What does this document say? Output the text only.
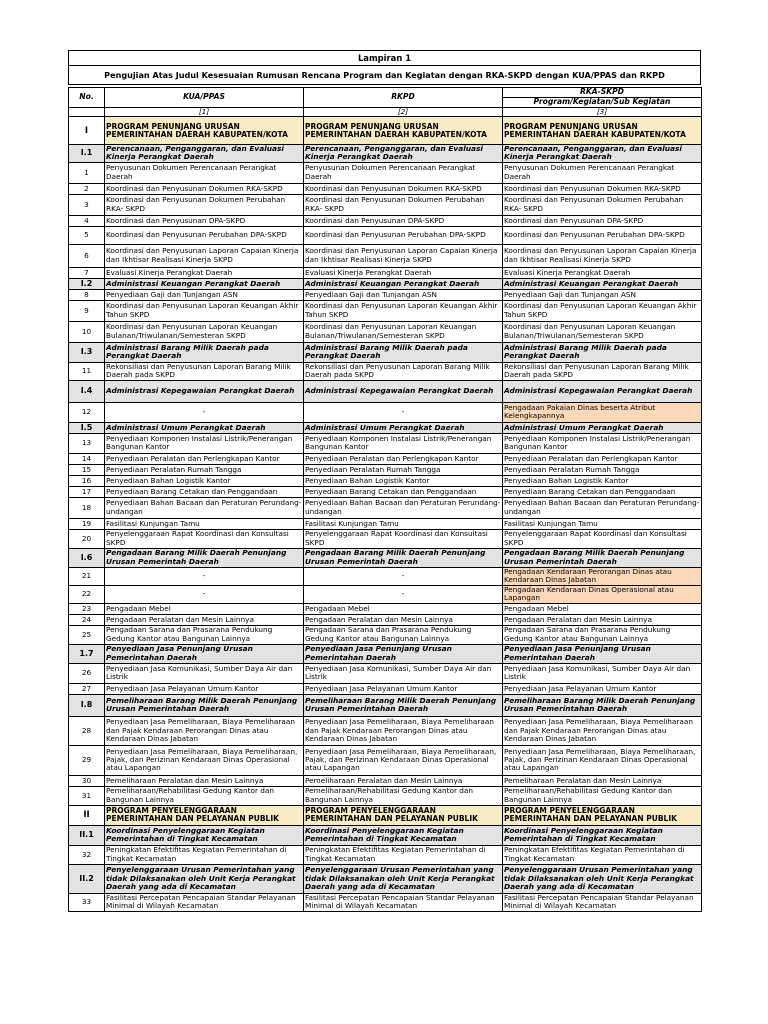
Lampiran 1
Pengujian Atas Judul Kesesuaian Rumusan Rencana Program dan Kegiatan dengan RKA-SKPD dengan KUA/PPAS dan RKPD
No.	KUA/PPAS	RKPD	RKA-SKPD
			Program/Kegiatan/Sub Kegiatan
	[1]	[2]	[3]
I	PROGRAM PENUNJANG URUSAN PEMERINTAHAN DAERAH KABUPATEN/KOTA	PROGRAM PENUNJANG URUSAN PEMERINTAHAN DAERAH KABUPATEN/KOTA	PROGRAM PENUNJANG URUSAN PEMERINTAHAN DAERAH KABUPATEN/KOTA
I.1	Perencanaan, Penganggaran, dan Evaluasi Kinerja Perangkat Daerah	Perencanaan, Penganggaran, dan Evaluasi Kinerja Perangkat Daerah	Perencanaan, Penganggaran, dan Evaluasi Kinerja Perangkat Daerah
1	Penyusunan Dokumen Perencanaan Perangkat Daerah	Penyusunan Dokumen Perencanaan Perangkat Daerah	Penyusunan Dokumen Perencanaan Perangkat Daerah
2	Koordinasi dan Penyusunan Dokumen RKA-SKPD	Koordinasi dan Penyusunan Dokumen RKA-SKPD	Koordinasi dan Penyusunan Dokumen RKA-SKPD
3	Koordinasi dan Penyusunan Dokumen Perubahan RKA- SKPD	Koordinasi dan Penyusunan Dokumen Perubahan RKA- SKPD	Koordinasi dan Penyusunan Dokumen Perubahan RKA- SKPD
4	Koordinasi dan Penyusunan DPA-SKPD	Koordinasi dan Penyusunan DPA-SKPD	Koordinasi dan Penyusunan DPA-SKPD
5	Koordinasi dan Penyusunan Perubahan DPA-SKPD	Koordinasi dan Penyusunan Perubahan DPA-SKPD	Koordinasi dan Penyusunan Perubahan DPA-SKPD
6	Koordinasi dan Penyusunan Laporan Capaian Kinerja dan Ikhtisar Realisasi Kinerja SKPD	Koordinasi dan Penyusunan Laporan Capaian Kinerja dan Ikhtisar Realisasi Kinerja SKPD	Koordinasi dan Penyusunan Laporan Capaian Kinerja dan Ikhtisar Realisasi Kinerja SKPD
7	Evaluasi Kinerja Perangkat Daerah	Evaluasi Kinerja Perangkat Daerah	Evaluasi Kinerja Perangkat Daerah
I.2	Administrasi Keuangan Perangkat Daerah	Administrasi Keuangan Perangkat Daerah	Administrasi Keuangan Perangkat Daerah
8	Penyediaan Gaji dan Tunjangan ASN	Penyediaan Gaji dan Tunjangan ASN	Penyediaan Gaji dan Tunjangan ASN
9	Koordinasi dan Penyusunan Laporan Keuangan Akhir Tahun SKPD	Koordinasi dan Penyusunan Laporan Keuangan Akhir Tahun SKPD	Koordinasi dan Penyusunan Laporan Keuangan Akhir Tahun SKPD
10	Koordinasi dan Penyusunan Laporan Keuangan Bulanan/Triwulanan/Semesteran SKPD	Koordinasi dan Penyusunan Laporan Keuangan Bulanan/Triwulanan/Semesteran SKPD	Koordinasi dan Penyusunan Laporan Keuangan Bulanan/Triwulanan/Semesteran SKPD
I.3	Administrasi Barang Milik Daerah pada Perangkat Daerah	Administrasi Barang Milik Daerah pada Perangkat Daerah	Administrasi Barang Milik Daerah pada Perangkat Daerah
11	Rekonsiliasi dan Penyusunan Laporan Barang Milik Daerah pada SKPD	Rekonsiliasi dan Penyusunan Laporan Barang Milik Daerah pada SKPD	Rekonsiliasi dan Penyusunan Laporan Barang Milik Daerah pada SKPD
I.4	Administrasi Kepegawaian Perangkat Daerah	Administrasi Kepegawaian Perangkat Daerah	Administrasi Kepegawaian Perangkat Daerah
12	-	-	Pengadaan Pakaian Dinas beserta Atribut Kelengkapannya
I.5	Administrasi Umum Perangkat Daerah	Administrasi Umum Perangkat Daerah	Administrasi Umum Perangkat Daerah
13	Penyediaan Komponen Instalasi Listrik/Penerangan Bangunan Kantor	Penyediaan Komponen Instalasi Listrik/Penerangan Bangunan Kantor	Penyediaan Komponen Instalasi Listrik/Penerangan Bangunan Kantor
14	Penyediaan Peralatan dan Perlengkapan Kantor	Penyediaan Peralatan dan Perlengkapan Kantor	Penyediaan Peralatan dan Perlengkapan Kantor
15	Penyediaan Peralatan Rumah Tangga	Penyediaan Peralatan Rumah Tangga	Penyediaan Peralatan Rumah Tangga
16	Penyediaan Bahan Logistik Kantor	Penyediaan Bahan Logistik Kantor	Penyediaan Bahan Logistik Kantor
17	Penyediaan Barang Cetakan dan Penggandaan	Penyediaan Barang Cetakan dan Penggandaan	Penyediaan Barang Cetakan dan Penggandaan
18	Penyediaan Bahan Bacaan dan Peraturan Perundang- undangan	Penyediaan Bahan Bacaan dan Peraturan Perundang- undangan	Penyediaan Bahan Bacaan dan Peraturan Perundang-undangan
19	Fasilitasi Kunjungan Tamu	Fasilitasi Kunjungan Tamu	Fasilitasi Kunjungan Tamu
20	Penyelenggaraan Rapat Koordinasi dan Konsultasi SKPD	Penyelenggaraan Rapat Koordinasi dan Konsultasi SKPD	Penyelenggaraan Rapat Koordinasi dan Konsultasi SKPD
I.6	Pengadaan Barang Milik Daerah Penunjang Urusan Pemerintah Daerah	Pengadaan Barang Milik Daerah Penunjang Urusan Pemerintah Daerah	Pengadaan Barang Milik Daerah Penunjang Urusan Pemerintah Daerah
21	-	-	Pengadaan Kendaraan Perorangan Dinas atau Kendaraan Dinas Jabatan
22	-	-	Pengadaan Kendaraan Dinas Operasional atau Lapangan
23	Pengadaan Mebel	Pengadaan Mebel	Pengadaan Mebel
24	Pengadaan Peralatan dan Mesin Lainnya	Pengadaan Peralatan dan Mesin Lainnya	Pengadaan Peralatan dan Mesin Lainnya
25	Pengadaan Sarana dan Prasarana Pendukung Gedung Kantor atau Bangunan Lainnya	Pengadaan Sarana dan Prasarana Pendukung Gedung Kantor atau Bangunan Lainnya	Pengadaan Sarana dan Prasarana Pendukung Gedung Kantor atau Bangunan Lainnya
1.7	Penyediaan Jasa Penunjang Urusan Pemerintahan Daerah	Penyediaan Jasa Penunjang Urusan Pemerintahan Daerah	Penyediaan Jasa Penunjang Urusan Pemerintahan Daerah
26	Penyediaan Jasa Komunikasi, Sumber Daya Air dan Listrik	Penyediaan Jasa Komunikasi, Sumber Daya Air dan Listrik	Penyediaan Jasa Komunikasi, Sumber Daya Air dan Listrik
27	Penyediaan Jasa Pelayanan Umum Kantor	Penyediaan Jasa Pelayanan Umum Kantor	Penyediaan Jasa Pelayanan Umum Kantor
I.8	Pemeliharaan Barang Milik Daerah Penunjang Urusan Pemerintahan Daerah	Pemeliharaan Barang Milik Daerah Penunjang Urusan Pemerintahan Daerah	Pemeliharaan Barang Milik Daerah Penunjang Urusan Pemerintahan Daerah
28	Penyediaan Jasa Pemeliharaan, Biaya Pemeliharaan dan Pajak Kendaraan Perorangan Dinas atau Kendaraan Dinas Jabatan	Penyediaan Jasa Pemeliharaan, Biaya Pemeliharaan dan Pajak Kendaraan Perorangan Dinas atau Kendaraan Dinas Jabatan	Penyediaan Jasa Pemeliharaan, Biaya Pemeliharaan dan Pajak Kendaraan Perorangan Dinas atau Kendaraan Dinas Jabatan
29	Penyediaan Jasa Pemeliharaan, Biaya Pemeliharaan, Pajak, dan Perizinan Kendaraan Dinas Operasional atau Lapangan	Penyediaan Jasa Pemeliharaan, Biaya Pemeliharaan, Pajak, dan Perizinan Kendaraan Dinas Operasional atau Lapangan	Penyediaan Jasa Pemeliharaan, Biaya Pemeliharaan, Pajak, dan Perizinan Kendaraan Dinas Operasional atau Lapangan
30	Pemeliharaan Peralatan dan Mesin Lainnya	Pemeliharaan Peralatan dan Mesin Lainnya	Pemeliharaan Peralatan dan Mesin Lainnya
31	Pemeliharaan/Rehabilitasi Gedung Kantor dan Bangunan Lainnya	Pemeliharaan/Rehabilitasi Gedung Kantor dan Bangunan Lainnya	Pemeliharaan/Rehabilitasi Gedung Kantor dan Bangunan Lainnya
II	PROGRAM PENYELENGGARAAN PEMERINTAHAN DAN PELAYANAN PUBLIK	PROGRAM PENYELENGGARAAN PEMERINTAHAN DAN PELAYANAN PUBLIK	PROGRAM PENYELENGGARAAN PEMERINTAHAN DAN PELAYANAN PUBLIK
II.1	Koordinasi Penyelenggaraan Kegiatan Pemerintahan di Tingkat Kecamatan	Koordinasi Penyelenggaraan Kegiatan Pemerintahan di Tingkat Kecamatan	Koordinasi Penyelenggaraan Kegiatan Pemerintahan di Tingkat Kecamatan
32	Peningkatan Efektifitas Kegiatan Pemerintahan di Tingkat Kecamatan	Peningkatan Efektifitas Kegiatan Pemerintahan di Tingkat Kecamatan	Peningkatan Efektifitas Kegiatan Pemerintahan di Tingkat Kecamatan
II.2	Penyelenggaraan Urusan Pemerintahan yang tidak Dilaksanakan oleh Unit Kerja Perangkat Daerah yang ada di Kecamatan	Penyelenggaraan Urusan Pemerintahan yang tidak Dilaksanakan oleh Unit Kerja Perangkat Daerah yang ada di Kecamatan	Penyelenggaraan Urusan Pemerintahan yang tidak Dilaksanakan oleh Unit Kerja Perangkat Daerah yang ada di Kecamatan
33	Fasilitasi Percepatan Pencapaian Standar Pelayanan Minimal di Wilayah Kecamatan	Fasilitasi Percepatan Pencapaian Standar Pelayanan Minimal di Wilayah Kecamatan	Fasilitasi Percepatan Pencapaian Standar Pelayanan Minimal di Wilayah Kecamatan
